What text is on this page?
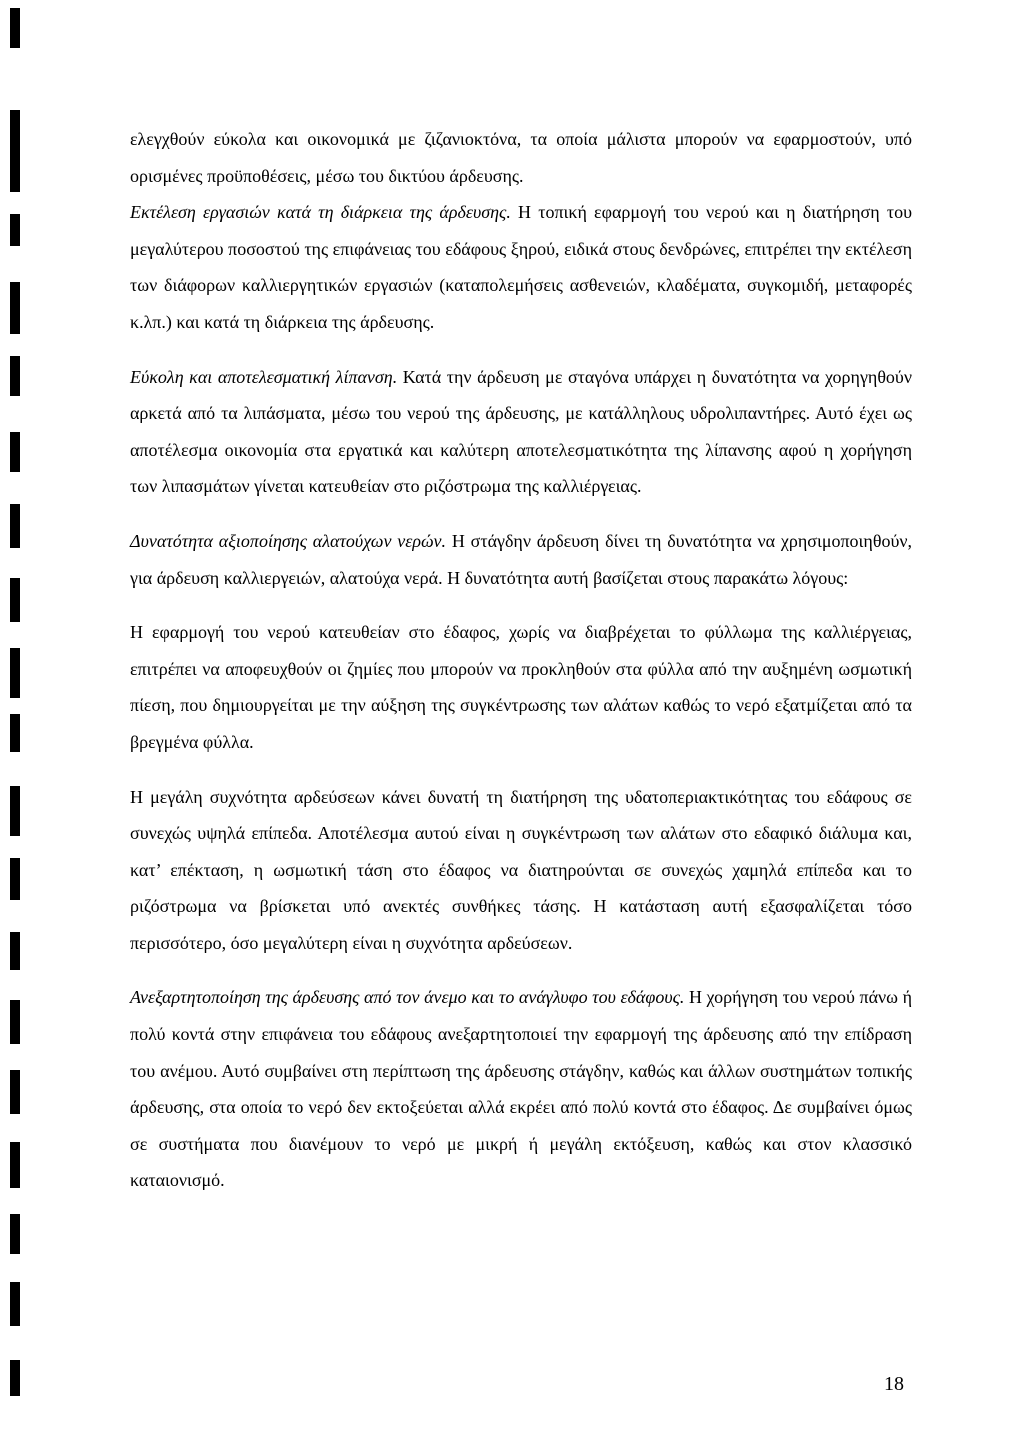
ελεγχθούν εύκολα και οικονομικά με ζιζανιοκτόνα, τα οποία μάλιστα μπορούν να εφαρμοστούν, υπό ορισμένες προϋποθέσεις, μέσω του δικτύου άρδευσης.

Εκτέλεση εργασιών κατά τη διάρκεια της άρδευσης. Η τοπική εφαρμογή του νερού και η διατήρηση του μεγαλύτερου ποσοστού της επιφάνειας του εδάφους ξηρού, ειδικά στους δενδρώνες, επιτρέπει την εκτέλεση των διάφορων καλλιεργητικών εργασιών (καταπολεμήσεις ασθενειών, κλαδέματα, συγκομιδή, μεταφορές κ.λπ.) και κατά τη διάρκεια της άρδευσης.

Εύκολη και αποτελεσματική λίπανση. Κατά την άρδευση με σταγόνα υπάρχει η δυνατότητα να χορηγηθούν αρκετά από τα λιπάσματα, μέσω του νερού της άρδευσης, με κατάλληλους υδρολιπαντήρες. Αυτό έχει ως αποτέλεσμα οικονομία στα εργατικά και καλύτερη αποτελεσματικότητα της λίπανσης αφού η χορήγηση των λιπασμάτων γίνεται κατευθείαν στο ριζόστρωμα της καλλιέργειας.

Δυνατότητα αξιοποίησης αλατούχων νερών. Η στάγδην άρδευση δίνει τη δυνατότητα να χρησιμοποιηθούν, για άρδευση καλλιεργειών, αλατούχα νερά. Η δυνατότητα αυτή βασίζεται στους παρακάτω λόγους:

Η εφαρμογή του νερού κατευθείαν στο έδαφος, χωρίς να διαβρέχεται το φύλλωμα της καλλιέργειας, επιτρέπει να αποφευχθούν οι ζημίες που μπορούν να προκληθούν στα φύλλα από την αυξημένη ωσμωτική πίεση, που δημιουργείται με την αύξηση της συγκέντρωσης των αλάτων καθώς το νερό εξατμίζεται από τα βρεγμένα φύλλα.

Η μεγάλη συχνότητα αρδεύσεων κάνει δυνατή τη διατήρηση της υδατοπεριακτικότητας του εδάφους σε συνεχώς υψηλά επίπεδα. Αποτέλεσμα αυτού είναι η συγκέντρωση των αλάτων στο εδαφικό διάλυμα και, κατ’ επέκταση, η ωσμωτική τάση στο έδαφος να διατηρούνται σε συνεχώς χαμηλά επίπεδα και το ριζόστρωμα να βρίσκεται υπό ανεκτές συνθήκες τάσης. Η κατάσταση αυτή εξασφαλίζεται τόσο περισσότερο, όσο μεγαλύτερη είναι η συχνότητα αρδεύσεων.

Ανεξαρτητοποίηση της άρδευσης από τον άνεμο και το ανάγλυφο του εδάφους. Η χορήγηση του νερού πάνω ή πολύ κοντά στην επιφάνεια του εδάφους ανεξαρτητοποιεί την εφαρμογή της άρδευσης από την επίδραση του ανέμου. Αυτό συμβαίνει στη περίπτωση της άρδευσης στάγδην, καθώς και άλλων συστημάτων τοπικής άρδευσης, στα οποία το νερό δεν εκτοξεύεται αλλά εκρέει από πολύ κοντά στο έδαφος. Δε συμβαίνει όμως σε συστήματα που διανέμουν το νερό με μικρή ή μεγάλη εκτόξευση, καθώς και στον κλασσικό καταιονισμό.

18
